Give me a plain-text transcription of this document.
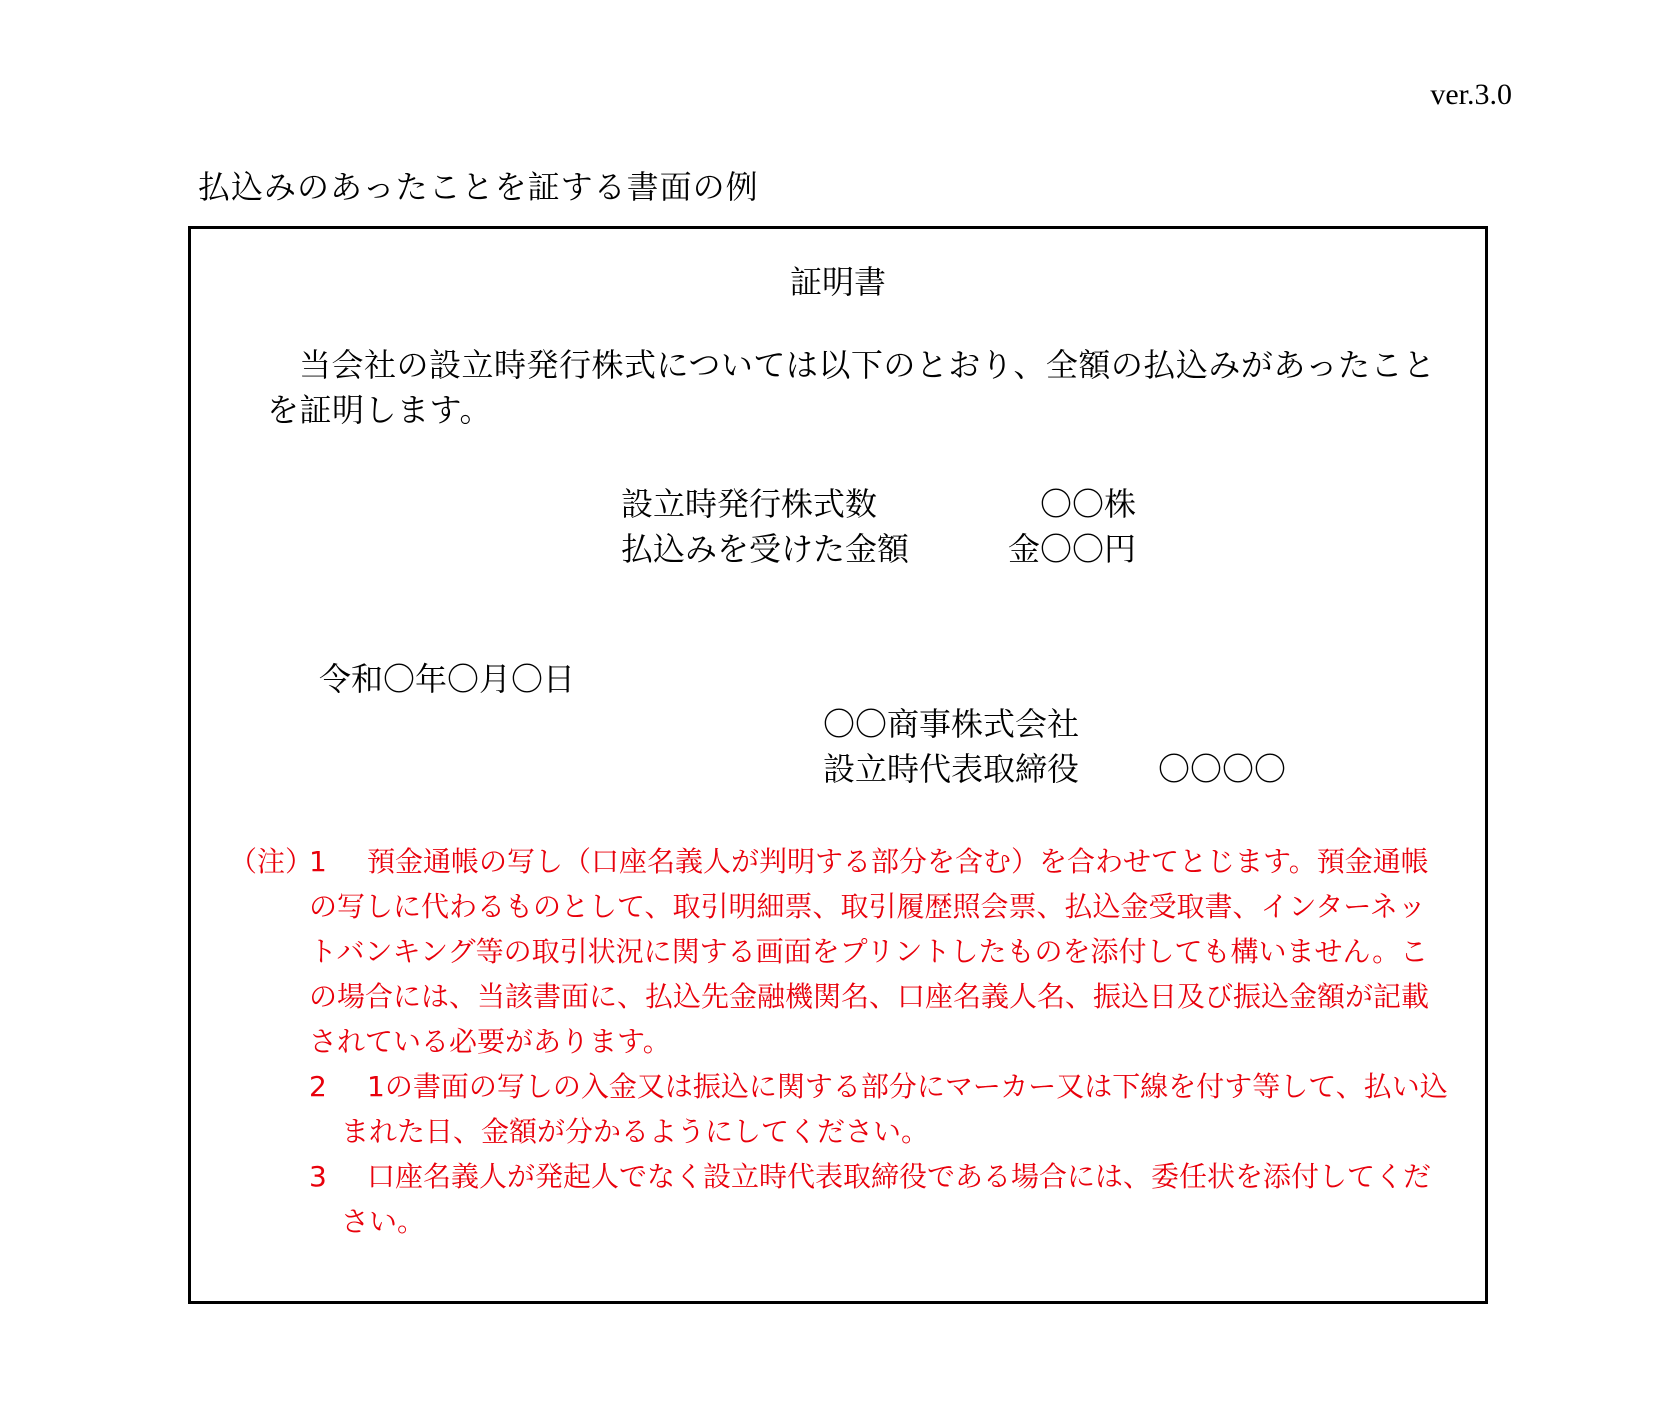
ver.3.0
払込みのあったことを証する書面の例
証明書
当会社の設立時発行株式については以下のとおり、全額の払込みがあったことを証明します。
設立時発行株式数	〇〇株
払込みを受けた金額	金〇〇円
令和〇年〇月〇日
〇〇商事株式会社
設立時代表取締役 〇〇〇〇
（注）1 預金通帳の写し（口座名義人が判明する部分を含む）を合わせてとじます。預金通帳の写しに代わるものとして、取引明細票、取引履歴照会票、払込金受取書、インターネットバンキング等の取引状況に関する画面をプリントしたものを添付しても構いません。この場合には、当該書面に、払込先金融機関名、口座名義人名、振込日及び振込金額が記載されている必要があります。
2 1の書面の写しの入金又は振込に関する部分にマーカー又は下線を付す等して、払い込まれた日、金額が分かるようにしてください。
3 口座名義人が発起人でなく設立時代表取締役である場合には、委任状を添付してください。
